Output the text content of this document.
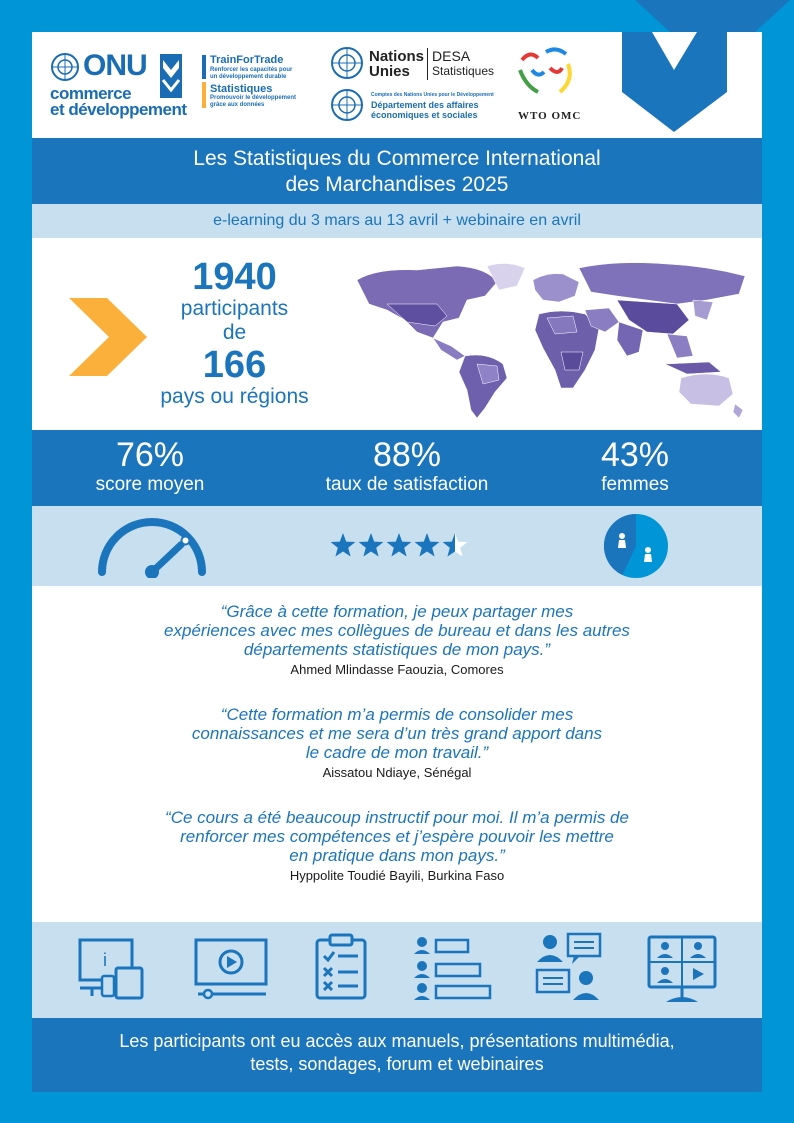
ONU
commerce
et développement
TrainForTrade
Renforcer les capacités pour
un développement durable
Statistiques
Promouvoir le développement
grâce aux données
Nations
Unies
DESA
Statistiques
Comptes des Nations Unies pour le Développement
Département des affaires
économiques et sociales	WTO OMC
Les Statistiques du Commerce International
des Marchandises 2025
e-learning du 3 mars au 13 avril + webinaire en avril
1940
participants
de
166
pays ou régions
76%
score moyen
88%
taux de satisfaction
43%
femmes
“Grâce à cette formation, je peux partager mes
expériences avec mes collègues de bureau et dans les autres
départements statistiques de mon pays.”
Ahmed Mlindasse Faouzia, Comores
“Cette formation m’a permis de consolider mes
connaissances et me sera d’un très grand apport dans
le cadre de mon travail.”
Aissatou Ndiaye, Sénégal
“Ce cours a été beaucoup instructif pour moi. Il m’a permis de
renforcer mes compétences et j’espère pouvoir les mettre
en pratique dans mon pays.”
Hyppolite Toudié Bayili, Burkina Faso
i
Les participants ont eu accès aux manuels, présentations multimédia,
tests, sondages, forum et webinaires
